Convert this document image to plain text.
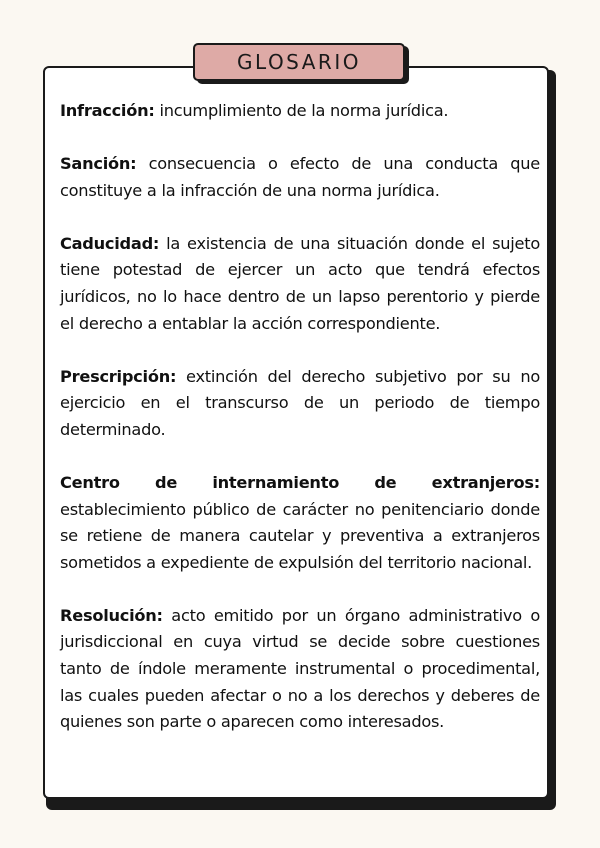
GLOSARIO

Infracción: incumplimiento de la norma jurídica.

Sanción: consecuencia o efecto de una conducta que constituye a la infracción de una norma jurídica.

Caducidad: la existencia de una situación donde el sujeto tiene potestad de ejercer un acto que tendrá efectos jurídicos, no lo hace dentro de un lapso perentorio y pierde el derecho a entablar la acción correspondiente.

Prescripción: extinción del derecho subjetivo por su no ejercicio en el transcurso de un periodo de tiempo determinado.

Centro de internamiento de extranjeros: establecimiento público de carácter no penitenciario donde se retiene de manera cautelar y preventiva a extranjeros sometidos a expediente de expulsión del territorio nacional.

Resolución: acto emitido por un órgano administrativo o jurisdiccional en cuya virtud se decide sobre cuestiones tanto de índole meramente instrumental o procedimental, las cuales pueden afectar o no a los derechos y deberes de quienes son parte o aparecen como interesados.
